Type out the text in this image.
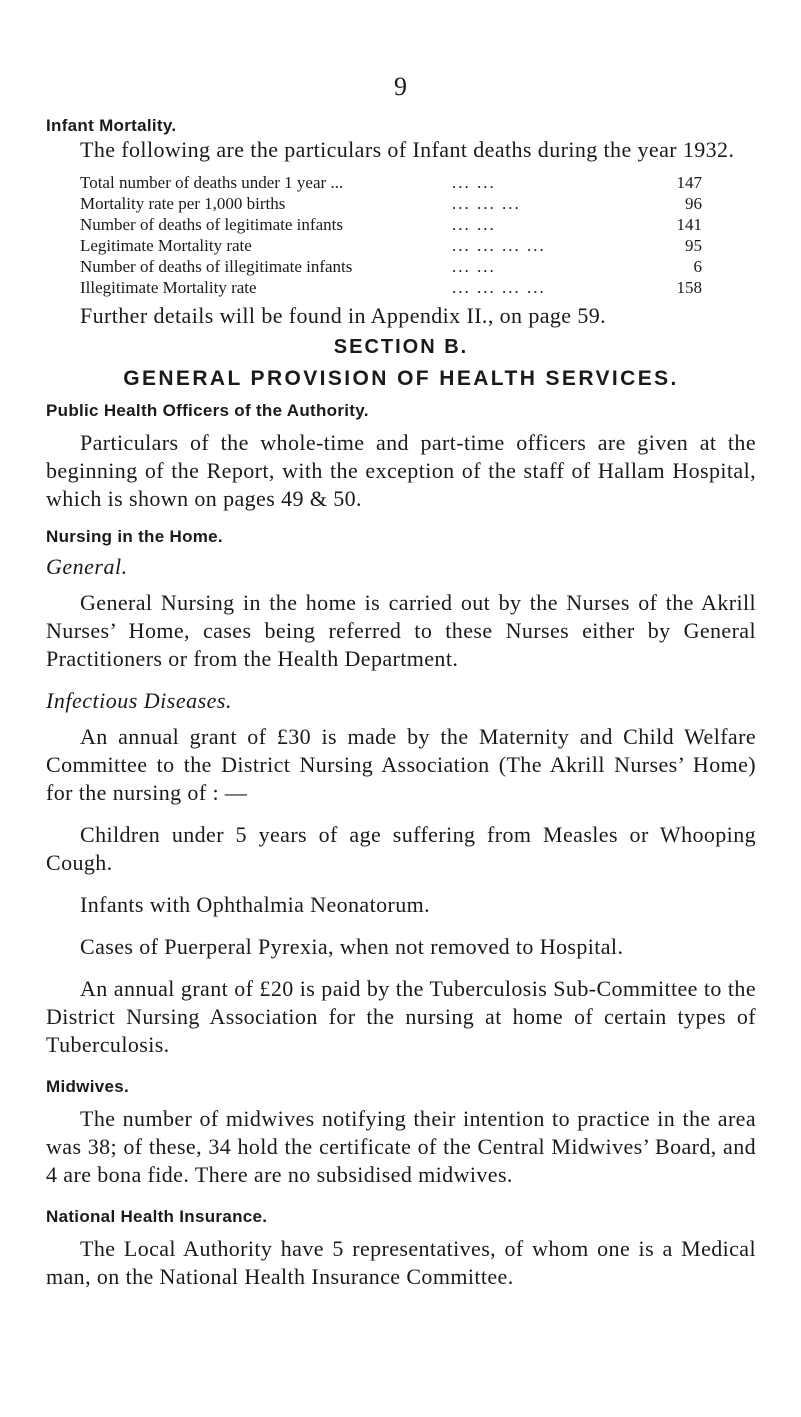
9
Infant Mortality.

The following are the particulars of Infant deaths during the year 1932.

Total number of deaths under 1 year ...	... ...	147
Mortality rate per 1,000 births	... ... ...	96
Number of deaths of legitimate infants	... ...	141
Legitimate Mortality rate	... ... ... ...	95
Number of deaths of illegitimate infants	... ...	6
Illegitimate Mortality rate	... ... ... ...	158

Further details will be found in Appendix II., on page 59.

SECTION B.
GENERAL PROVISION OF HEALTH SERVICES.
Public Health Officers of the Authority.

Particulars of the whole-time and part-time officers are given at the beginning of the Report, with the exception of the staff of Hallam Hospital, which is shown on pages 49 & 50.

Nursing in the Home.
General.

General Nursing in the home is carried out by the Nurses of the Akrill Nurses’ Home, cases being referred to these Nurses either by General Practitioners or from the Health Department.

Infectious Diseases.

An annual grant of £30 is made by the Maternity and Child Welfare Committee to the District Nursing Association (The Akrill Nurses’ Home) for the nursing of : —

Children under 5 years of age suffering from Measles or Whooping Cough.

Infants with Ophthalmia Neonatorum.

Cases of Puerperal Pyrexia, when not removed to Hospital.

An annual grant of £20 is paid by the Tuberculosis Sub-Committee to the District Nursing Association for the nursing at home of certain types of Tuberculosis.

Midwives.

The number of midwives notifying their intention to practice in the area was 38; of these, 34 hold the certificate of the Central Midwives’ Board, and 4 are bona fide. There are no subsidised midwives.

National Health Insurance.

The Local Authority have 5 representatives, of whom one is a Medical man, on the National Health Insurance Committee.
